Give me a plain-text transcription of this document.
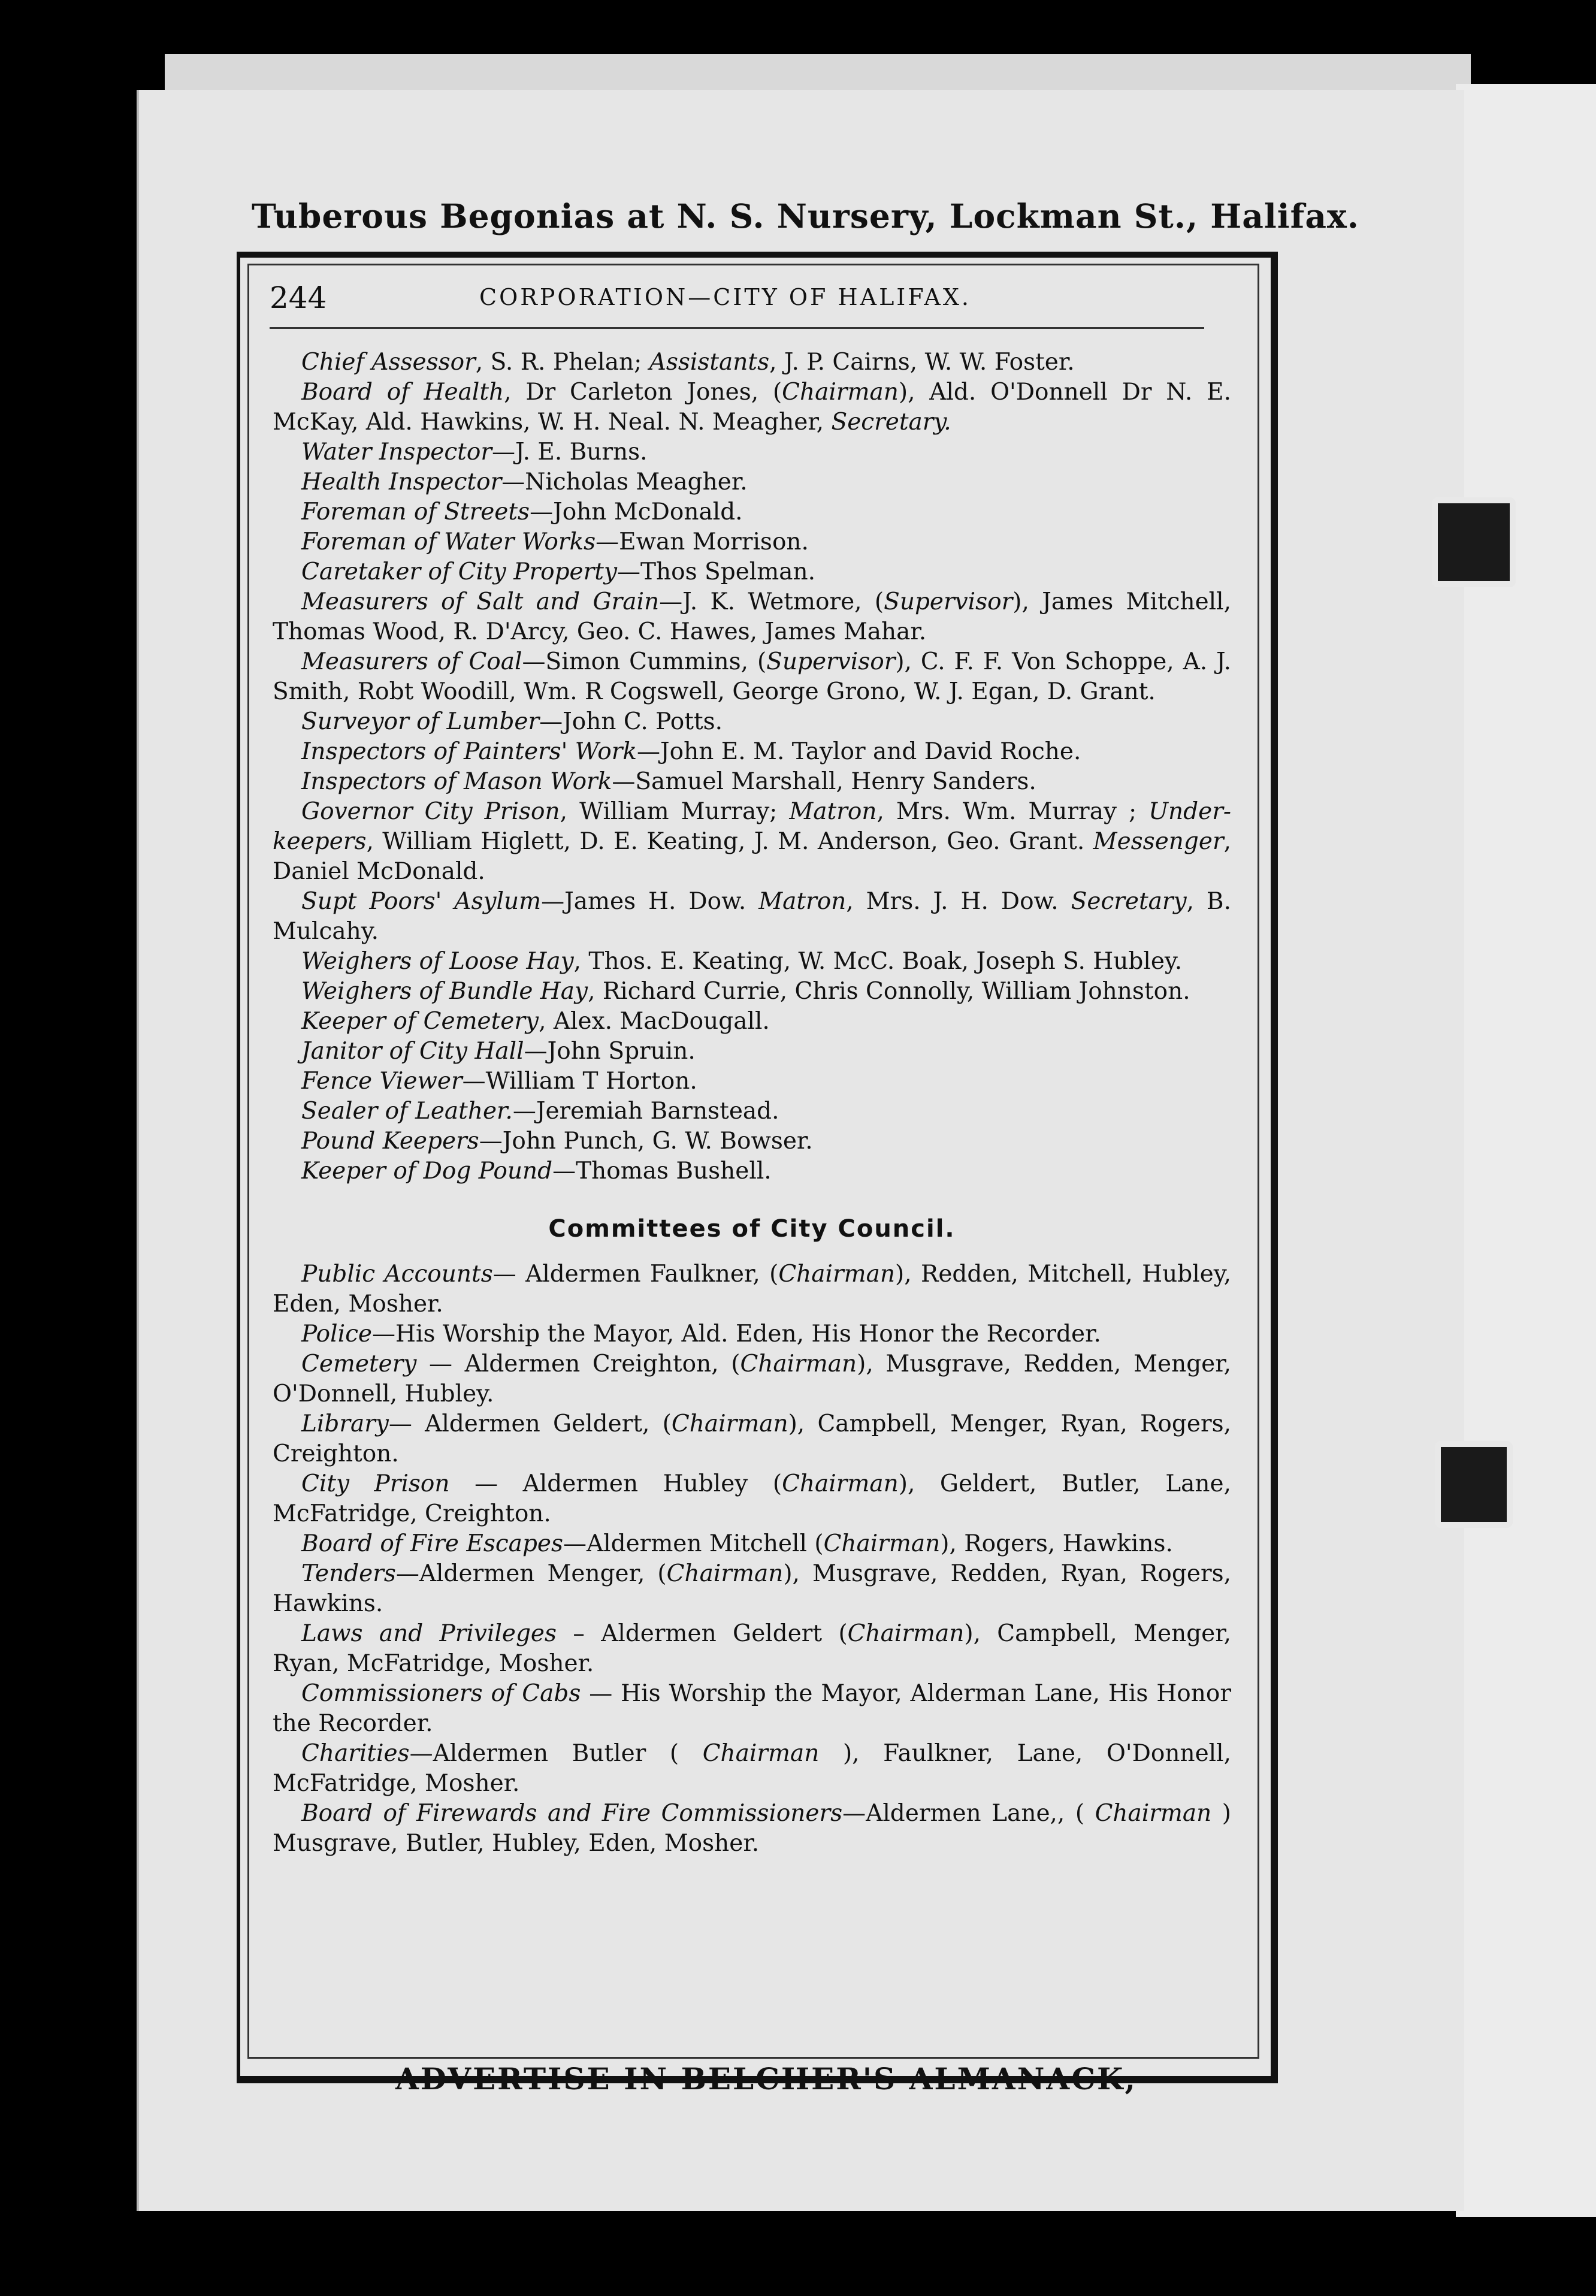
Tuberous Begonias at N. S. Nursery, Lockman St., Halifax.
244	CORPORATION—CITY OF HALIFAX.

Chief Assessor, S. R. Phelan; Assistants, J. P. Cairns, W. W. Foster.

Board of Health, Dr Carleton Jones, (Chairman), Ald. O'Donnell Dr N. E. McKay, Ald. Hawkins, W. H. Neal. N. Meagher, Secretary.

Water Inspector—J. E. Burns.

Health Inspector—Nicholas Meagher.

Foreman of Streets—John McDonald.

Foreman of Water Works—Ewan Morrison.

Caretaker of City Property—Thos Spelman.

Measurers of Salt and Grain—J. K. Wetmore, (Supervisor), James Mitchell, Thomas Wood, R. D'Arcy, Geo. C. Hawes, James Mahar.

Measurers of Coal—Simon Cummins, (Supervisor), C. F. F. Von Schoppe, A. J. Smith, Robt Woodill, Wm. R Cogswell, George Grono, W. J. Egan, D. Grant.

Surveyor of Lumber—John C. Potts.

Inspectors of Painters' Work—John E. M. Taylor and David Roche.

Inspectors of Mason Work—Samuel Marshall, Henry Sanders.

Governor City Prison, William Murray; Matron, Mrs. Wm. Murray ; Under-keepers, William Higlett, D. E. Keating, J. M. Anderson, Geo. Grant. Messenger, Daniel McDonald.

Supt Poors' Asylum—James H. Dow. Matron, Mrs. J. H. Dow. Secretary, B. Mulcahy.

Weighers of Loose Hay, Thos. E. Keating, W. McC. Boak, Joseph S. Hubley.

Weighers of Bundle Hay, Richard Currie, Chris Connolly, William Johnston.

Keeper of Cemetery, Alex. MacDougall.

Janitor of City Hall—John Spruin.

Fence Viewer—William T Horton.

Sealer of Leather.—Jeremiah Barnstead.

Pound Keepers—John Punch, G. W. Bowser.

Keeper of Dog Pound—Thomas Bushell.

Committees of City Council.

Public Accounts— Aldermen Faulkner, (Chairman), Redden, Mitchell, Hubley, Eden, Mosher.

Police—His Worship the Mayor, Ald. Eden, His Honor the Recorder.

Cemetery — Aldermen Creighton, (Chairman), Musgrave, Redden, Menger, O'Donnell, Hubley.

Library— Aldermen Geldert, (Chairman), Campbell, Menger, Ryan, Rogers, Creighton.

City Prison — Aldermen Hubley (Chairman), Geldert, Butler, Lane, McFatridge, Creighton.

Board of Fire Escapes—Aldermen Mitchell (Chairman), Rogers, Hawkins.

Tenders—Aldermen Menger, (Chairman), Musgrave, Redden, Ryan, Rogers, Hawkins.

Laws and Privileges – Aldermen Geldert (Chairman), Campbell, Menger, Ryan, McFatridge, Mosher.

Commissioners of Cabs — His Worship the Mayor, Alderman Lane, His Honor the Recorder.

Charities—Aldermen Butler ( Chairman ), Faulkner, Lane, O'Donnell, McFatridge, Mosher.

Board of Firewards and Fire Commissioners—Aldermen Lane,, ( Chairman ) Musgrave, Butler, Hubley, Eden, Mosher.

ADVERTISE IN BELCHER'S ALMANACK,
